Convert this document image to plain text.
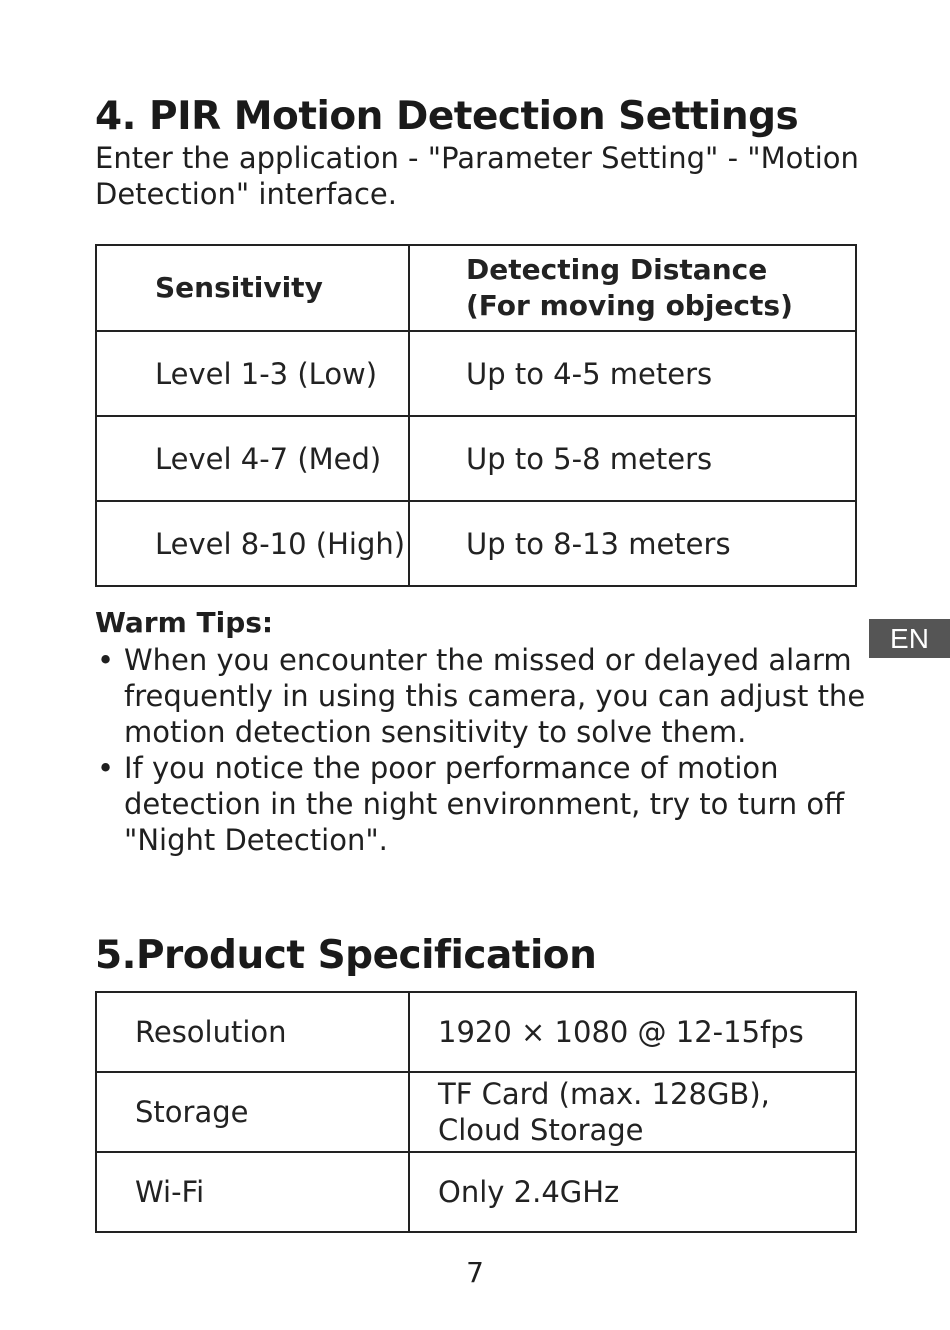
4. PIR Motion Detection Settings
Enter the application - "Parameter Setting" - "Motion Detection" interface.
Sensitivity	Detecting Distance (For moving objects)
Level 1-3 (Low)	Up to 4-5 meters
Level 4-7 (Med)	Up to 5-8 meters
Level 8-10 (High)	Up to 8-13 meters
Warm Tips:
• When you encounter the missed or delayed alarm frequently in using this camera, you can adjust the motion detection sensitivity to solve them.
• If you notice the poor performance of motion detection in the night environment, try to turn off "Night Detection".
5.Product Specification
Resolution	1920 × 1080 @ 12-15fps
Storage	TF Card (max. 128GB), Cloud Storage
Wi-Fi	Only 2.4GHz
EN
7
